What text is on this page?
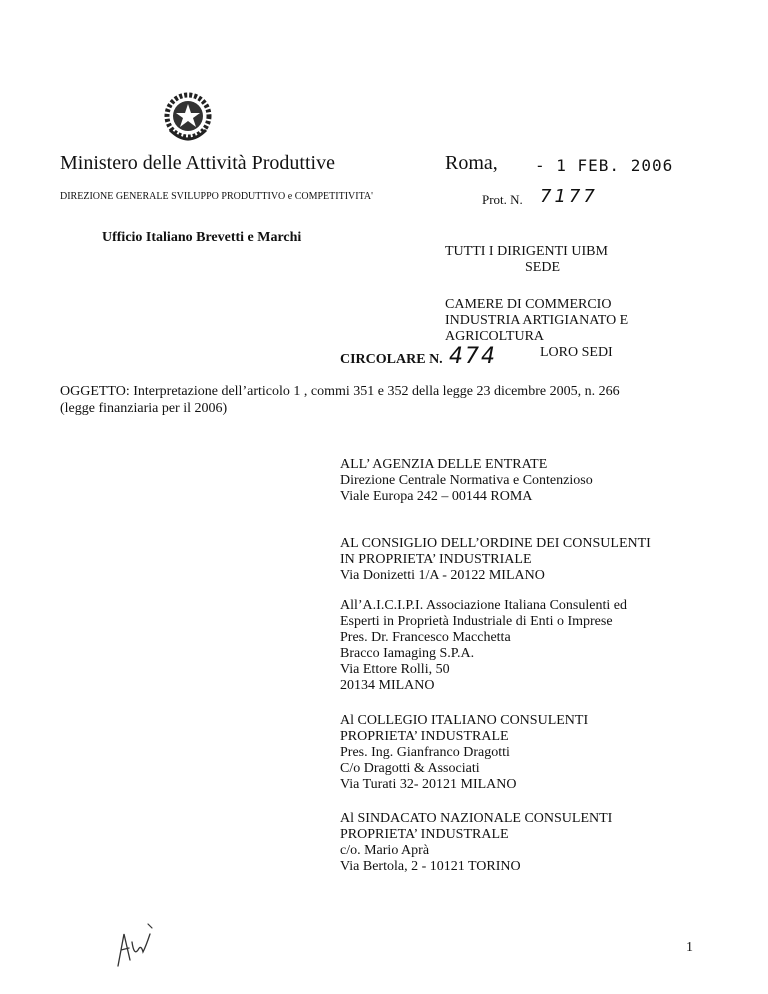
Ministero delle Attività Produttive
DIREZIONE GENERALE SVILUPPO PRODUTTIVO e COMPETITIVITA'
Ufficio Italiano Brevetti e Marchi
Roma, - 1 FEB. 2006
Prot. N. 7177
TUTTI I DIRIGENTI UIBM
SEDE
CAMERE DI COMMERCIO
INDUSTRIA ARTIGIANATO E
AGRICOLTURA
LORO SEDI
CIRCOLARE N. 474
OGGETTO: Interpretazione dell’articolo 1 , commi 351 e 352 della legge 23 dicembre 2005, n. 266
(legge finanziaria per il 2006)
ALL’ AGENZIA DELLE ENTRATE
Direzione Centrale Normativa e Contenzioso
Viale Europa 242 – 00144 ROMA
AL CONSIGLIO DELL’ORDINE DEI CONSULENTI
IN PROPRIETA’ INDUSTRIALE
Via Donizetti 1/A - 20122 MILANO
All’A.I.C.I.P.I. Associazione Italiana Consulenti ed
Esperti in Proprietà Industriale di Enti o Imprese
Pres. Dr. Francesco Macchetta
Bracco Iamaging S.P.A.
Via Ettore Rolli, 50
20134 MILANO
Al COLLEGIO ITALIANO CONSULENTI
PROPRIETA’ INDUSTRALE
Pres. Ing. Gianfranco Dragotti
C/o Dragotti & Associati
Via Turati 32- 20121 MILANO
Al SINDACATO NAZIONALE CONSULENTI
PROPRIETA’ INDUSTRALE
c/o. Mario Aprà
Via Bertola, 2 - 10121 TORINO
1
